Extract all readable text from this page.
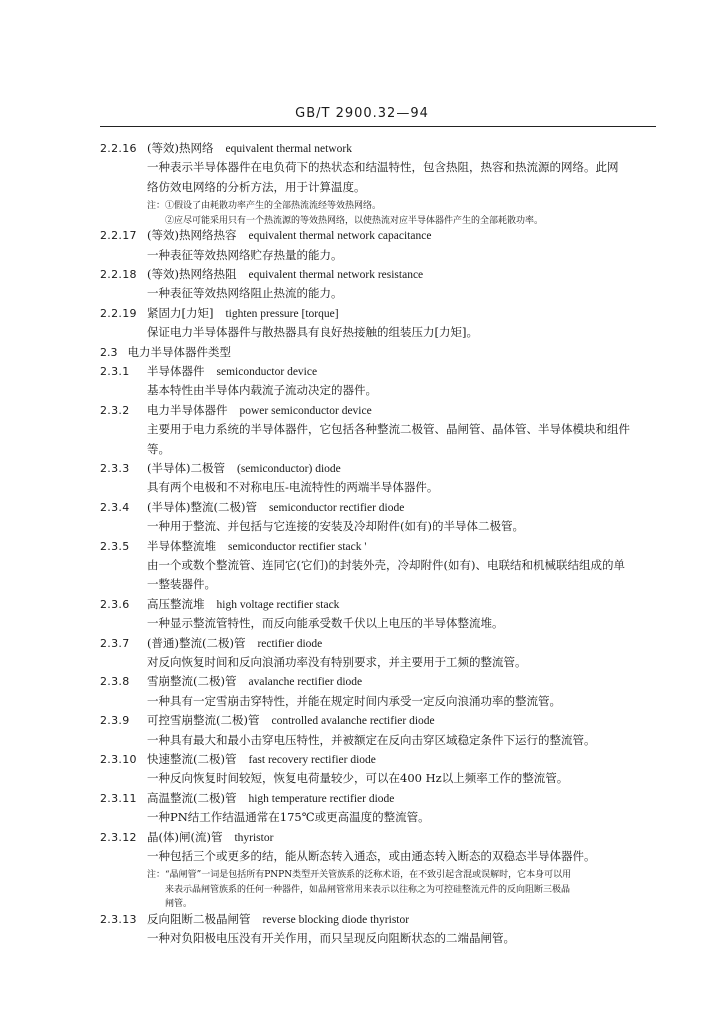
GB/T 2900.32—94
2.2.16 (等效)热网络 equivalent thermal network
一种表示半导体器件在电负荷下的热状态和结温特性，包含热阻，热容和热流源的网络。此网
络仿效电网络的分析方法，用于计算温度。
注：①假设了由耗散功率产生的全部热流流经等效热网络。
　　②应尽可能采用只有一个热流源的等效热网络，以使热流对应半导体器件产生的全部耗散功率。
2.2.17 (等效)热网络热容 equivalent thermal network capacitance
一种表征等效热网络贮存热量的能力。
2.2.18 (等效)热网络热阻 equivalent thermal network resistance
一种表征等效热网络阻止热流的能力。
2.2.19 紧固力[力矩] tighten pressure [torque]
保证电力半导体器件与散热器具有良好热接触的组装压力[力矩]。
2.3 电力半导体器件类型
2.3.1 半导体器件 semiconductor device
基本特性由半导体内载流子流动决定的器件。
2.3.2 电力半导体器件 power semiconductor device
主要用于电力系统的半导体器件，它包括各种整流二极管、晶闸管、晶体管、半导体模块和组件
等。
2.3.3 (半导体)二极管 (semiconductor) diode
具有两个电极和不对称电压-电流特性的两端半导体器件。
2.3.4 (半导体)整流(二极)管 semiconductor rectifier diode
一种用于整流、并包括与它连接的安装及冷却附件(如有)的半导体二极管。
2.3.5 半导体整流堆 semiconductor rectifier stack '
由一个或数个整流管、连同它(它们)的封装外壳，冷却附件(如有)、电联结和机械联结组成的单
一整装器件。
2.3.6 高压整流堆 high voltage rectifier stack
一种显示整流管特性，而反向能承受数千伏以上电压的半导体整流堆。
2.3.7 (普通)整流(二极)管 rectifier diode
对反向恢复时间和反向浪涌功率没有特别要求，并主要用于工频的整流管。
2.3.8 雪崩整流(二极)管 avalanche rectifier diode
一种具有一定雪崩击穿特性，并能在规定时间内承受一定反向浪涌功率的整流管。
2.3.9 可控雪崩整流(二极)管 controlled avalanche rectifier diode
一种具有最大和最小击穿电压特性，并被额定在反向击穿区域稳定条件下运行的整流管。
2.3.10 快速整流(二极)管 fast recovery rectifier diode
一种反向恢复时间较短，恢复电荷量较少，可以在400 Hz以上频率工作的整流管。
2.3.11 高温整流(二极)管 high temperature rectifier diode
一种PN结工作结温通常在175℃或更高温度的整流管。
2.3.12 晶(体)闸(流)管 thyristor
一种包括三个或更多的结，能从断态转入通态，或由通态转入断态的双稳态半导体器件。
注：“晶闸管”一词是包括所有PNPN类型开关管族系的泛称术语，在不致引起含混或误解时，它本身可以用
　　来表示晶闸管族系的任何一种器件，如晶闸管常用来表示以往称之为可控硅整流元件的反向阻断三极晶
　　闸管。
2.3.13 反向阻断二极晶闸管 reverse blocking diode thyristor
一种对负阳极电压没有开关作用，而只呈现反向阻断状态的二端晶闸管。
